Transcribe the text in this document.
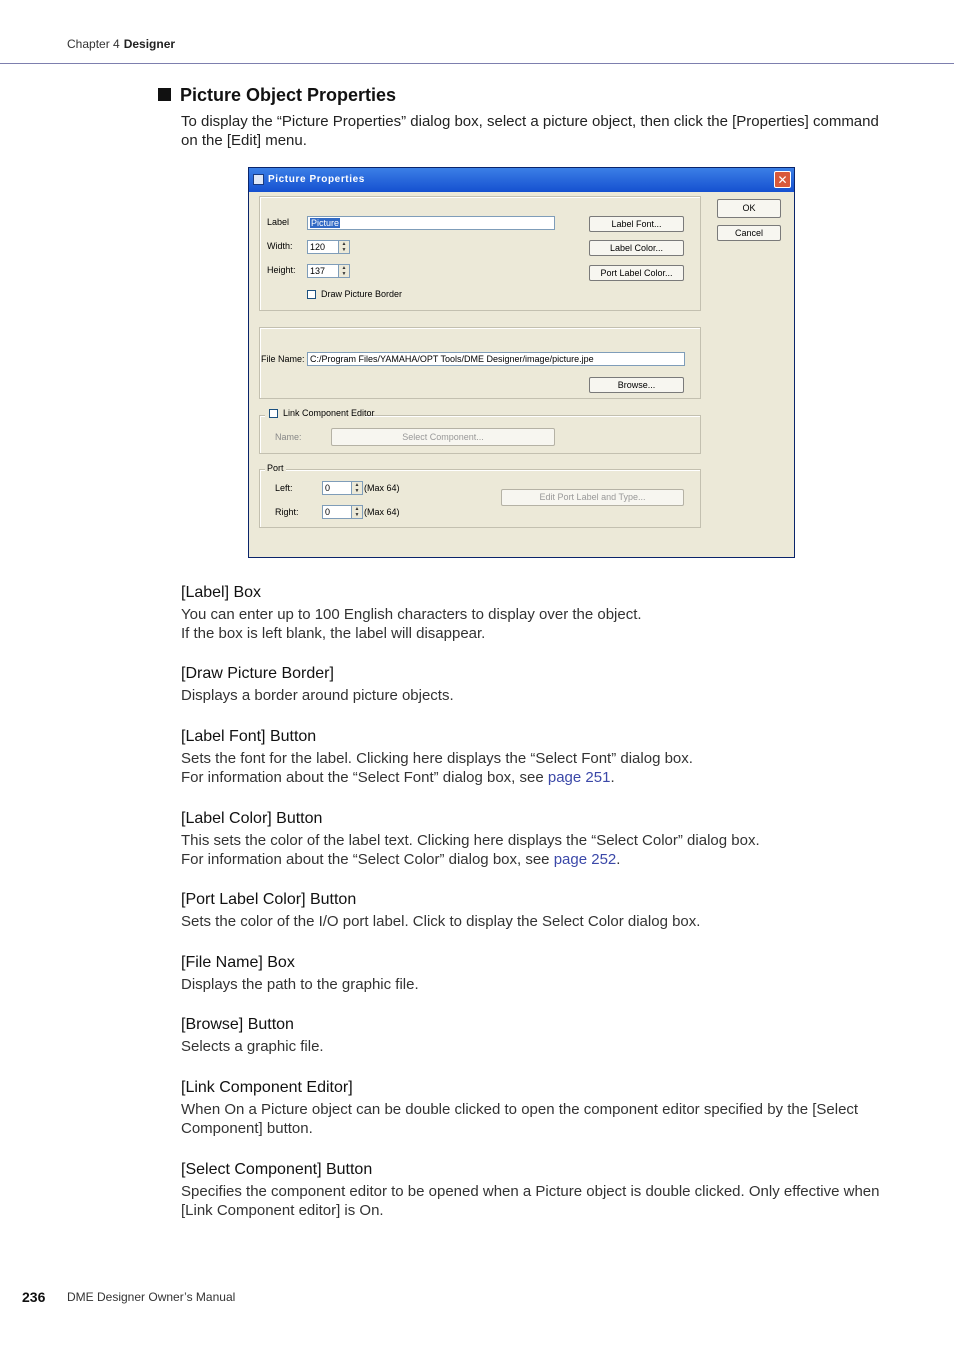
Chapter 4 Designer
Picture Object Properties
To display the “Picture Properties” dialog box, select a picture object, then click the [Properties] command on the [Edit] menu.
Picture Properties	✕
Label	Picture
Width:	120	▲
▼
Height:	137	▲
▼
Draw Picture Border
Label Font...
Label Color...
Port Label Color...
OK
Cancel
File Name: C:/Program Files/YAMAHA/OPT Tools/DME Designer/image/picture.jpe
Browse...
Link Component Editor
Name:	Select Component...
Port
Left:	0	▲
▼ (Max 64)
Right:	0	▲
▼ (Max 64)
Edit Port Label and Type...
[Label] Box

You can enter up to 100 English characters to display over the object.
If the box is left blank, the label will disappear.

[Draw Picture Border]

Displays a border around picture objects.

[Label Font] Button

Sets the font for the label. Clicking here displays the “Select Font” dialog box.
For information about the “Select Font” dialog box, see page 251.

[Label Color] Button

This sets the color of the label text. Clicking here displays the “Select Color” dialog box.
For information about the “Select Color” dialog box, see page 252.

[Port Label Color] Button

Sets the color of the I/O port label. Click to display the Select Color dialog box.

[File Name] Box

Displays the path to the graphic file.

[Browse] Button

Selects a graphic file.

[Link Component Editor]

When On a Picture object can be double clicked to open the component editor specified by the [Select Component] button.

[Select Component] Button

Specifies the component editor to be opened when a Picture object is double clicked. Only effective when [Link Component editor] is On.

236 DME Designer Owner’s Manual
